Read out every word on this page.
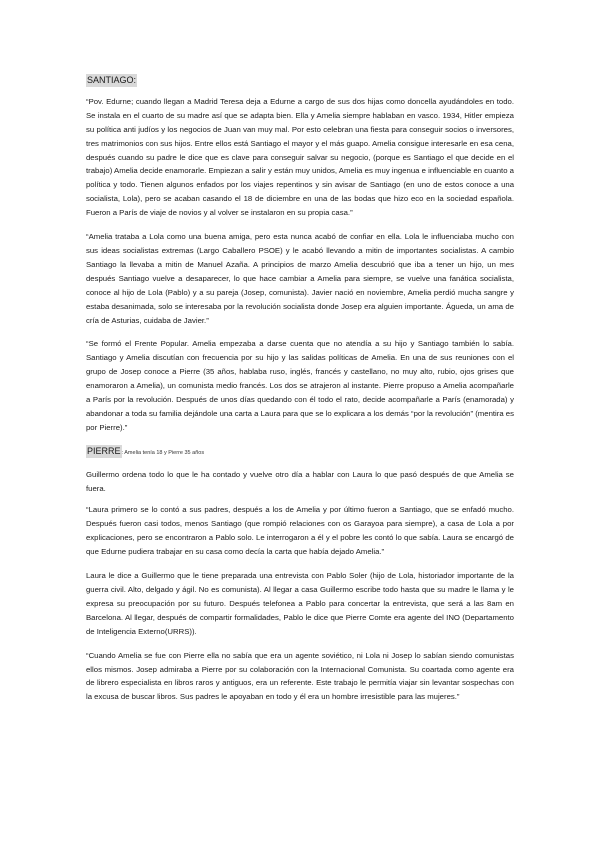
SANTIAGO:

“Pov. Edurne; cuando llegan a Madrid Teresa deja a Edurne a cargo de sus dos hijas como doncella ayudándoles en todo. Se instala en el cuarto de su madre así que se adapta bien. Ella y Amelia siempre hablaban en vasco. 1934, Hitler empieza su política anti judíos y los negocios de Juan van muy mal. Por esto celebran una fiesta para conseguir socios o inversores, tres matrimonios con sus hijos. Entre ellos está Santiago el mayor y el más guapo. Amelia consigue interesarle en esa cena, después cuando su padre le dice que es clave para conseguir salvar su negocio, (porque es Santiago el que decide en el trabajo) Amelia decide enamorarle. Empiezan a salir y están muy unidos, Amelia es muy ingenua e influenciable en cuanto a política y todo. Tienen algunos enfados por los viajes repentinos y sin avisar de Santiago (en uno de estos conoce a una socialista, Lola), pero se acaban casando el 18 de diciembre en una de las bodas que hizo eco en la sociedad española. Fueron a París de viaje de novios y al volver se instalaron en su propia casa.”

“Amelia trataba a Lola como una buena amiga, pero esta nunca acabó de confiar en ella. Lola le influenciaba mucho con sus ideas socialistas extremas (Largo Caballero PSOE) y le acabó llevando a mitin de importantes socialistas. A cambio Santiago la llevaba a mitin de Manuel Azaña. A principios de marzo Amelia descubrió que iba a tener un hijo, un mes después Santiago vuelve a desaparecer, lo que hace cambiar a Amelia para siempre, se vuelve una fanática socialista, conoce al hijo de Lola (Pablo) y a su pareja (Josep, comunista). Javier nació en noviembre, Amelia perdió mucha sangre y estaba desanimada, solo se interesaba por la revolución socialista donde Josep era alguien importante. Águeda, un ama de cría de Asturias, cuidaba de Javier.”

“Se formó el Frente Popular. Amelia empezaba a darse cuenta que no atendía a su hijo y Santiago también lo sabía. Santiago y Amelia discutían con frecuencia por su hijo y las salidas políticas de Amelia. En una de sus reuniones con el grupo de Josep conoce a Pierre (35 años, hablaba ruso, inglés, francés y castellano, no muy alto, rubio, ojos grises que enamoraron a Amelia), un comunista medio francés. Los dos se atrajeron al instante. Pierre propuso a Amelia acompañarle a París por la revolución. Después de unos días quedando con él todo el rato, decide acompañarle a París (enamorada) y abandonar a toda su familia dejándole una carta a Laura para que se lo explicara a los demás “por la revolución” (mentira es por Pierre).”

PIERRE: Amelia tenía 18 y Pierre 35 años

Guillermo ordena todo lo que le ha contado y vuelve otro día a hablar con Laura lo que pasó después de que Amelia se fuera.

“Laura primero se lo contó a sus padres, después a los de Amelia y por último fueron a Santiago, que se enfadó mucho. Después fueron casi todos, menos Santiago (que rompió relaciones con os Garayoa para siempre), a casa de Lola a por explicaciones, pero se encontraron a Pablo solo. Le interrogaron a él y el pobre les contó lo que sabía. Laura se encargó de que Edurne pudiera trabajar en su casa como decía la carta que había dejado Amelia.”

Laura le dice a Guillermo que le tiene preparada una entrevista con Pablo Soler (hijo de Lola, historiador importante de la guerra civil. Alto, delgado y ágil. No es comunista). Al llegar a casa Guillermo escribe todo hasta que su madre le llama y le expresa su preocupación por su futuro. Después telefonea a Pablo para concertar la entrevista, que será a las 8am en Barcelona. Al llegar, después de compartir formalidades, Pablo le dice que Pierre Comte era agente del INO (Departamento de Inteligencia Externo(URRS)).

“Cuando Amelia se fue con Pierre ella no sabía que era un agente soviético, ni Lola ni Josep lo sabían siendo comunistas ellos mismos. Josep admiraba a Pierre por su colaboración con la Internacional Comunista. Su coartada como agente era de librero especialista en libros raros y antiguos, era un referente. Este trabajo le permitía viajar sin levantar sospechas con la excusa de buscar libros. Sus padres le apoyaban en todo y él era un hombre irresistible para las mujeres.”
